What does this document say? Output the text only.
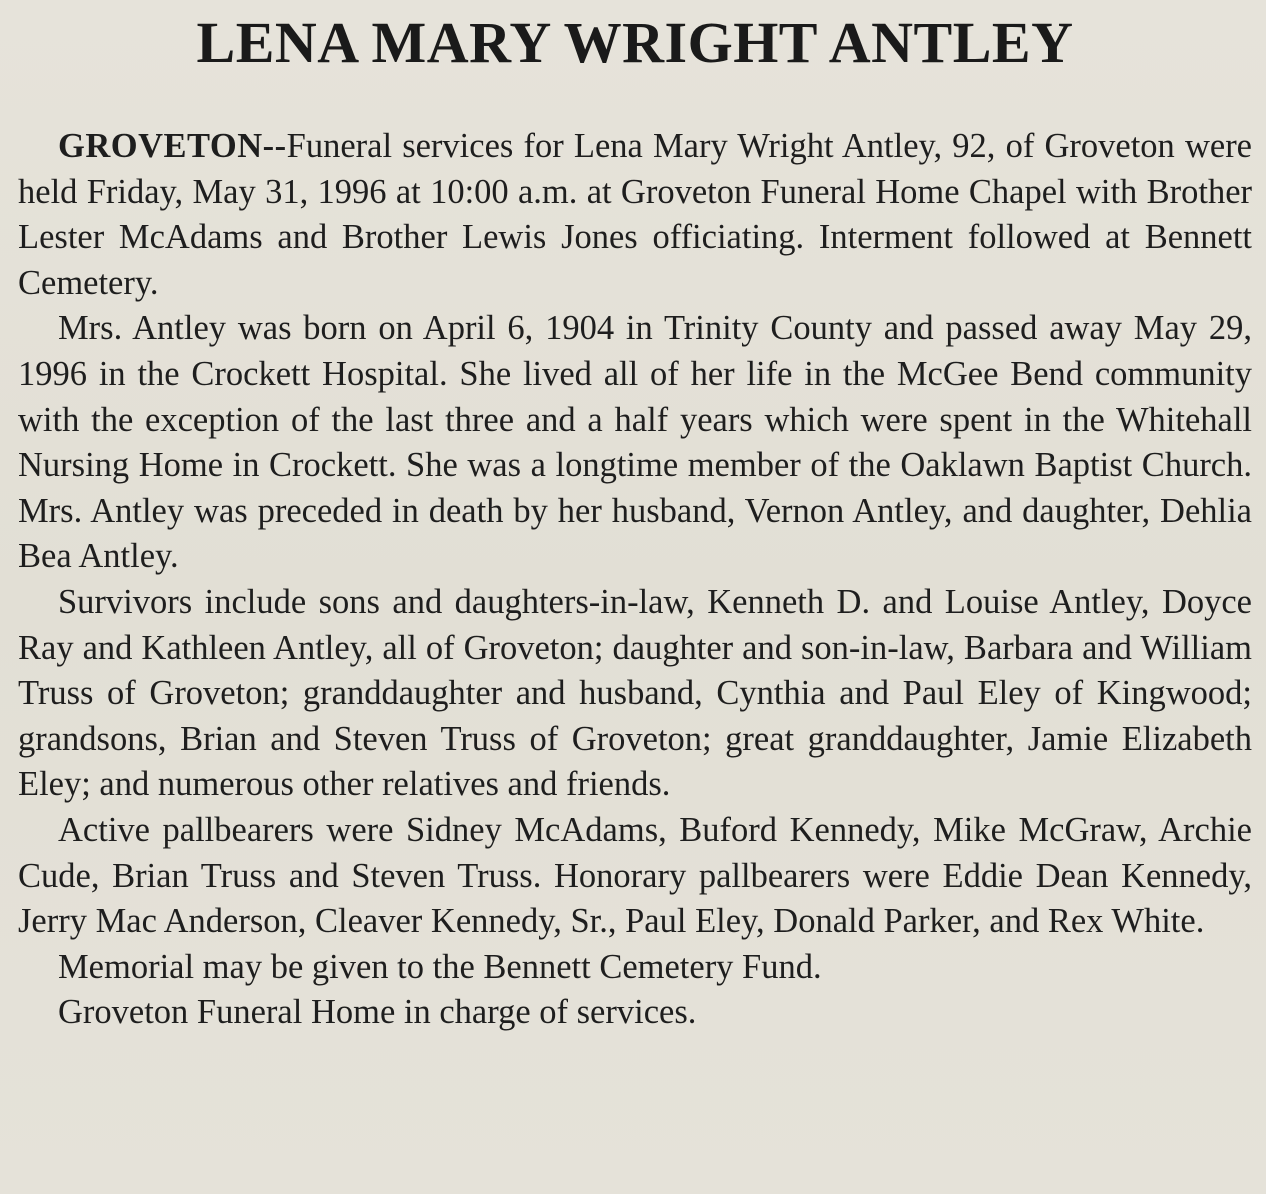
LENA MARY WRIGHT ANTLEY

GROVETON--Funeral services for Lena Mary Wright Antley, 92, of Groveton were held Friday, May 31, 1996 at 10:00 a.m. at Groveton Funeral Home Chapel with Brother Lester McAdams and Brother Lewis Jones officiating. Interment followed at Bennett Cemetery.

Mrs. Antley was born on April 6, 1904 in Trinity County and passed away May 29, 1996 in the Crockett Hospital. She lived all of her life in the McGee Bend community with the exception of the last three and a half years which were spent in the Whitehall Nursing Home in Crockett. She was a longtime member of the Oaklawn Baptist Church. Mrs. Antley was preceded in death by her husband, Vernon Antley, and daughter, Dehlia Bea Antley.

Survivors include sons and daughters-in-law, Kenneth D. and Louise Antley, Doyce Ray and Kathleen Antley, all of Groveton; daughter and son-in-law, Barbara and William Truss of Groveton; granddaughter and husband, Cynthia and Paul Eley of Kingwood; grandsons, Brian and Steven Truss of Groveton; great granddaughter, Jamie Elizabeth Eley; and numerous other relatives and friends.

Active pallbearers were Sidney McAdams, Buford Kennedy, Mike McGraw, Archie Cude, Brian Truss and Steven Truss. Honorary pallbearers were Eddie Dean Kennedy, Jerry Mac Anderson, Cleaver Kennedy, Sr., Paul Eley, Donald Parker, and Rex White.

Memorial may be given to the Bennett Cemetery Fund.

Groveton Funeral Home in charge of services.
